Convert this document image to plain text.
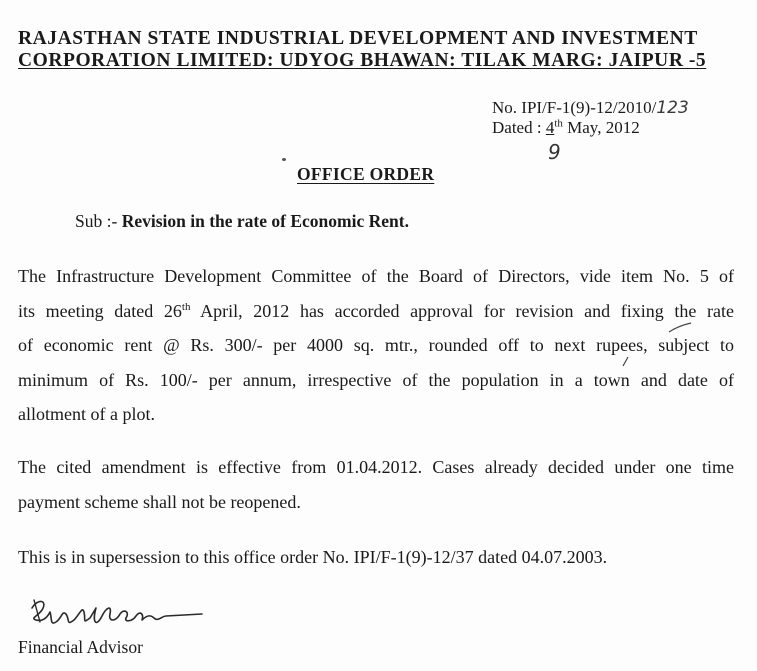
RAJASTHAN STATE INDUSTRIAL DEVELOPMENT AND INVESTMENT
CORPORATION LIMITED: UDYOG BHAWAN: TILAK MARG: JAIPUR -5
No. IPI/F-1(9)-12/2010/123
Dated : 4th May, 2012
9
OFFICE ORDER
Sub :- Revision in the rate of Economic Rent.
The Infrastructure Development Committee of the Board of Directors, vide item No. 5 of
its meeting dated 26th April, 2012 has accorded approval for revision and fixing the rate
of economic rent @ Rs. 300/- per 4000 sq. mtr., rounded off to next rupees, subject to
minimum of Rs. 100/- per annum, irrespective of the population in a town and date of
allotment of a plot.
The cited amendment is effective from 01.04.2012. Cases already decided under one time
payment scheme shall not be reopened.
This is in supersession to this office order No. IPI/F-1(9)-12/37 dated 04.07.2003.
Financial Advisor
